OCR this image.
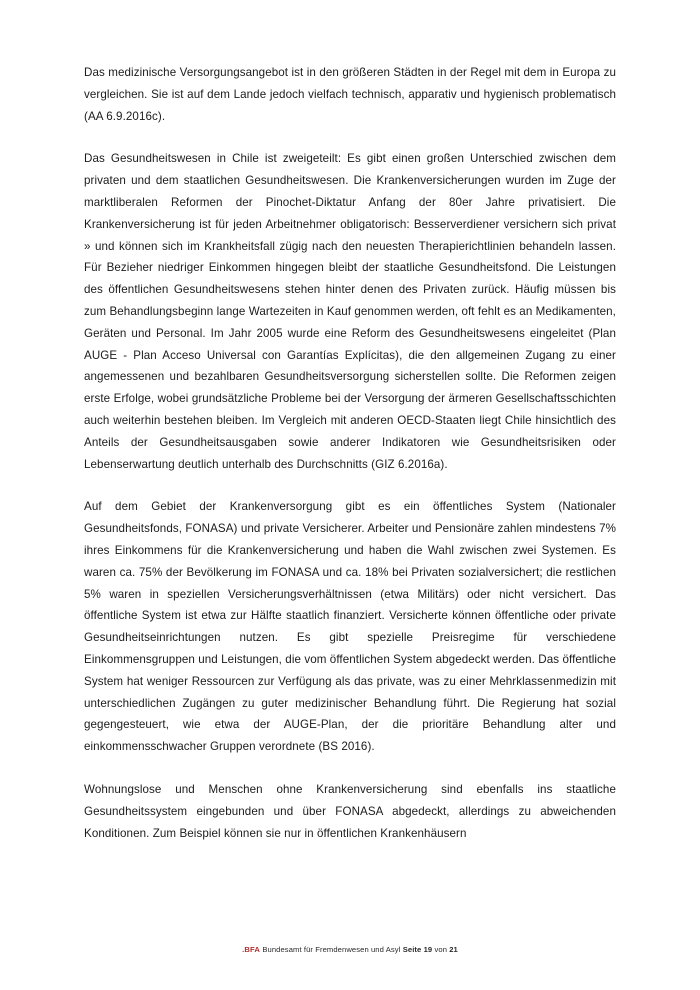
Das medizinische Versorgungsangebot ist in den größeren Städten in der Regel mit dem in Europa zu vergleichen. Sie ist auf dem Lande jedoch vielfach technisch, apparativ und hygienisch problematisch (AA 6.9.2016c).

Das Gesundheitswesen in Chile ist zweigeteilt: Es gibt einen großen Unterschied zwischen dem privaten und dem staatlichen Gesundheitswesen. Die Krankenversicherungen wurden im Zuge der marktliberalen Reformen der Pinochet-Diktatur Anfang der 80er Jahre privatisiert. Die Krankenversicherung ist für jeden Arbeitnehmer obligatorisch: Besserverdiener versichern sich privat » und können sich im Krankheitsfall zügig nach den neuesten Therapierichtlinien behandeln lassen. Für Bezieher niedriger Einkommen hingegen bleibt der staatliche Gesundheitsfond. Die Leistungen des öffentlichen Gesundheitswesens stehen hinter denen des Privaten zurück. Häufig müssen bis zum Behandlungsbeginn lange Wartezeiten in Kauf genommen werden, oft fehlt es an Medikamenten, Geräten und Personal. Im Jahr 2005 wurde eine Reform des Gesundheitswesens eingeleitet (Plan AUGE - Plan Acceso Universal con Garantías Explícitas), die den allgemeinen Zugang zu einer angemessenen und bezahlbaren Gesundheitsversorgung sicherstellen sollte. Die Reformen zeigen erste Erfolge, wobei grundsätzliche Probleme bei der Versorgung der ärmeren Gesellschaftsschichten auch weiterhin bestehen bleiben. Im Vergleich mit anderen OECD-Staaten liegt Chile hinsichtlich des Anteils der Gesundheitsausgaben sowie anderer Indikatoren wie Gesundheitsrisiken oder Lebenserwartung deutlich unterhalb des Durchschnitts (GIZ 6.2016a).

Auf dem Gebiet der Krankenversorgung gibt es ein öffentliches System (Nationaler Gesundheitsfonds, FONASA) und private Versicherer. Arbeiter und Pensionäre zahlen mindestens 7% ihres Einkommens für die Krankenversicherung und haben die Wahl zwischen zwei Systemen. Es waren ca. 75% der Bevölkerung im FONASA und ca. 18% bei Privaten sozialversichert; die restlichen 5% waren in speziellen Versicherungsverhältnissen (etwa Militärs) oder nicht versichert. Das öffentliche System ist etwa zur Hälfte staatlich finanziert. Versicherte können öffentliche oder private Gesundheitseinrichtungen nutzen. Es gibt spezielle Preisregime für verschiedene Einkommensgruppen und Leistungen, die vom öffentlichen System abgedeckt werden. Das öffentliche System hat weniger Ressourcen zur Verfügung als das private, was zu einer Mehrklassenmedizin mit unterschiedlichen Zugängen zu guter medizinischer Behandlung führt. Die Regierung hat sozial gegengesteuert, wie etwa der AUGE-Plan, der die prioritäre Behandlung alter und einkommensschwacher Gruppen verordnete (BS 2016).

Wohnungslose und Menschen ohne Krankenversicherung sind ebenfalls ins staatliche Gesundheitssystem eingebunden und über FONASA abgedeckt, allerdings zu abweichenden Konditionen. Zum Beispiel können sie nur in öffentlichen Krankenhäusern

.BFA Bundesamt für Fremdenwesen und Asyl Seite 19 von 21
